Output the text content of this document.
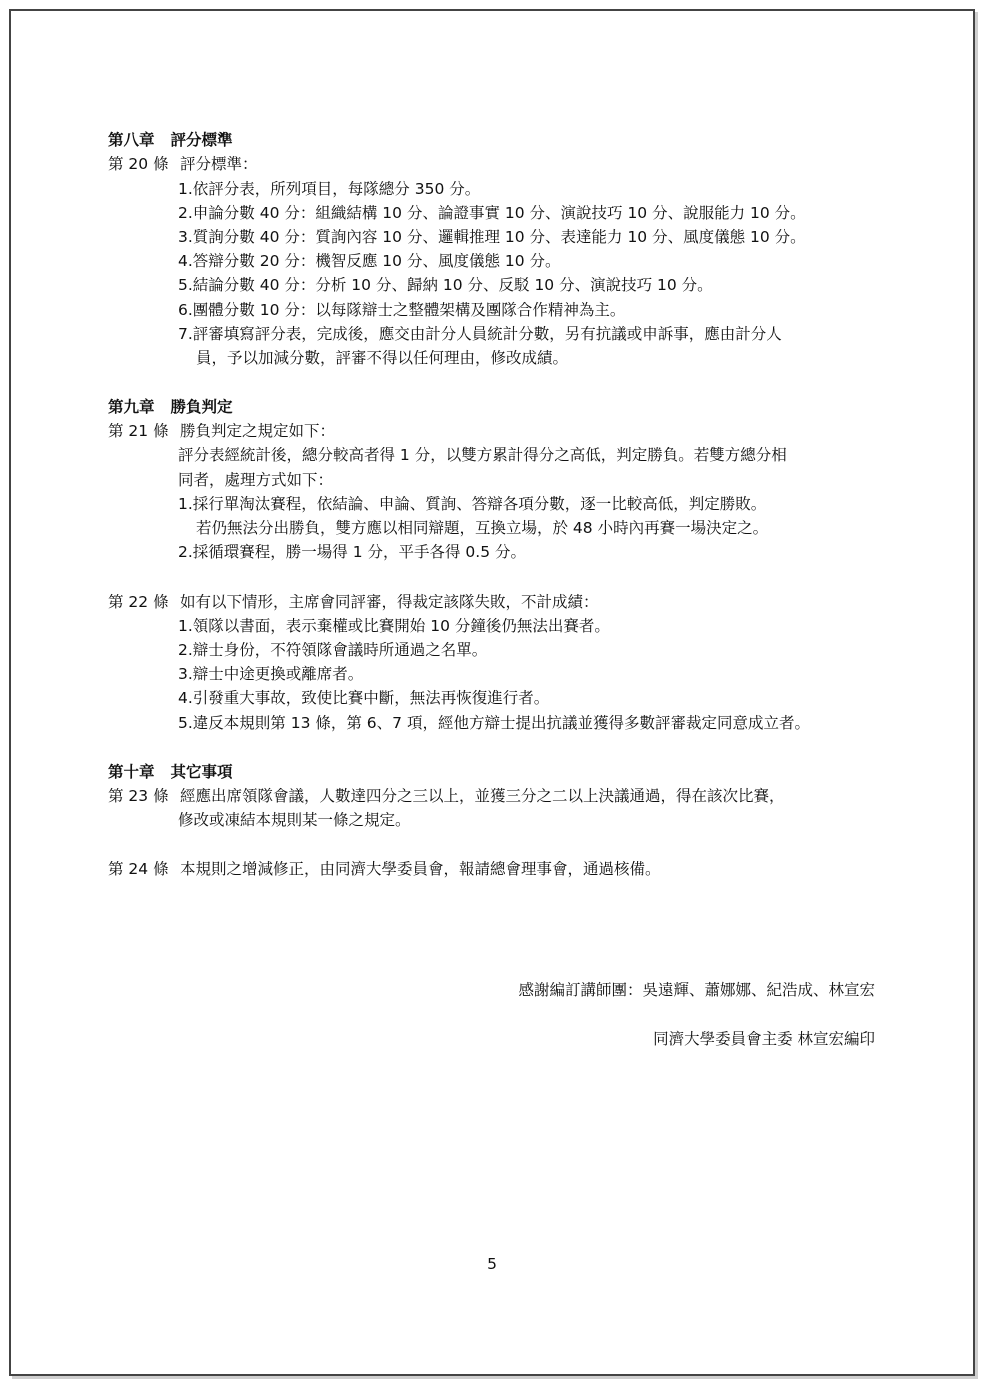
第八章 評分標準
第 20 條 評分標準：
1.依評分表，所列項目，每隊總分 350 分。
2.申論分數 40 分：組織結構 10 分、論證事實 10 分、演說技巧 10 分、說服能力 10 分。
3.質詢分數 40 分：質詢內容 10 分、邏輯推理 10 分、表達能力 10 分、風度儀態 10 分。
4.答辯分數 20 分：機智反應 10 分、風度儀態 10 分。
5.結論分數 40 分：分析 10 分、歸納 10 分、反駁 10 分、演說技巧 10 分。
6.團體分數 10 分：以每隊辯士之整體架構及團隊合作精神為主。
7.評審填寫評分表，完成後，應交由計分人員統計分數，另有抗議或申訴事，應由計分人
員，予以加減分數，評審不得以任何理由，修改成績。
第九章 勝負判定
第 21 條 勝負判定之規定如下：
評分表經統計後，總分較高者得 1 分，以雙方累計得分之高低，判定勝負。若雙方總分相
同者，處理方式如下：
1.採行單淘汰賽程，依結論、申論、質詢、答辯各項分數，逐一比較高低，判定勝敗。
若仍無法分出勝負，雙方應以相同辯題，互換立場，於 48 小時內再賽一場決定之。
2.採循環賽程，勝一場得 1 分，平手各得 0.5 分。
第 22 條 如有以下情形，主席會同評審，得裁定該隊失敗，不計成績：
1.領隊以書面，表示棄權或比賽開始 10 分鐘後仍無法出賽者。
2.辯士身份，不符領隊會議時所通過之名單。
3.辯士中途更換或離席者。
4.引發重大事故，致使比賽中斷，無法再恢復進行者。
5.違反本規則第 13 條，第 6、7 項，經他方辯士提出抗議並獲得多數評審裁定同意成立者。
第十章 其它事項
第 23 條 經應出席領隊會議，人數達四分之三以上，並獲三分之二以上決議通過，得在該次比賽，
修改或凍結本規則某一條之規定。
第 24 條 本規則之增減修正，由同濟大學委員會，報請總會理事會，通過核備。
感謝編訂講師團：吳遠輝、蕭娜娜、紀浩成、林宣宏
同濟大學委員會主委 林宣宏編印
5
